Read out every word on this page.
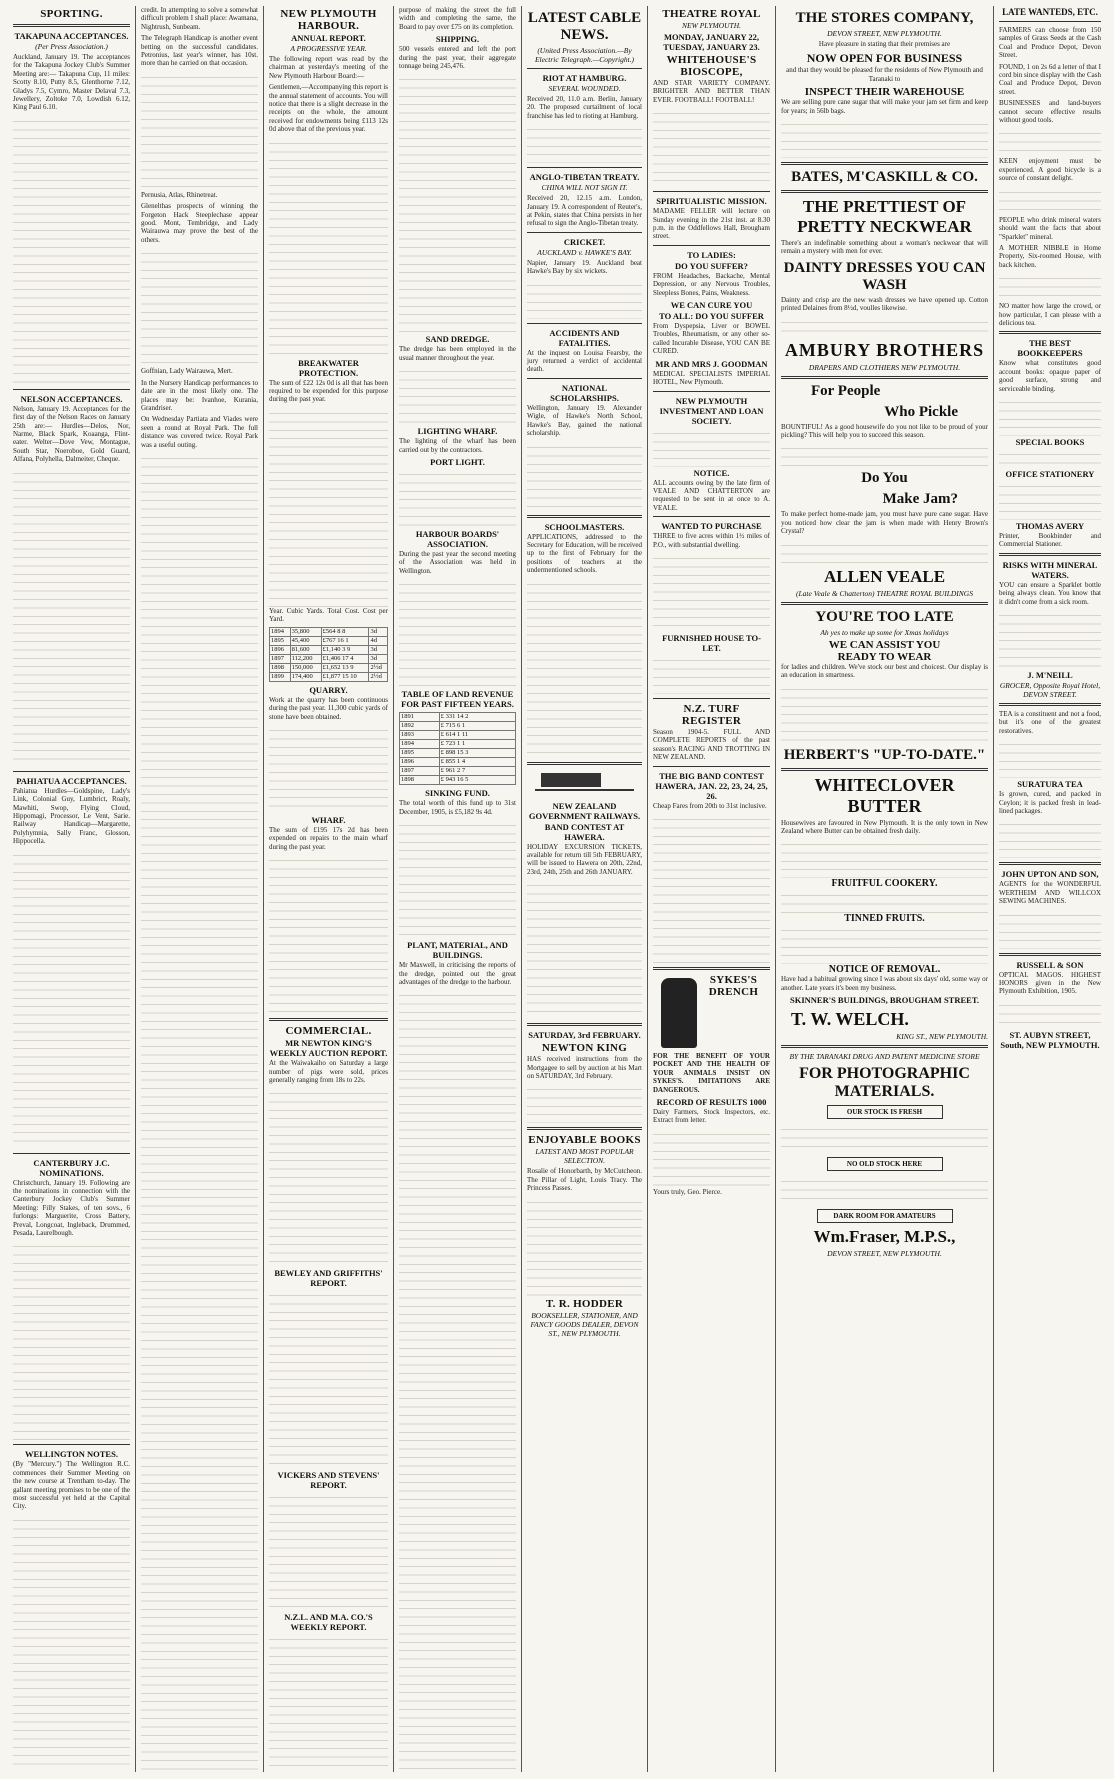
SPORTING.
TAKAPUNA ACCEPTANCES.
(Per Press Association.)
Auckland, January 19. The acceptances for the Takapuna Jockey Club's Summer Meeting are:— Takapuna Cup, 11 miles: Scotty 8.10, Putty 8.5, Glenthorne 7.12, Gladys 7.5, Cymro, Master Delaval 7.3, Jewellery, Zoltoke 7.0, Lowdish 6.12, King Paul 6.10.
NELSON ACCEPTANCES.
Nelson, January 19. Acceptances for the first day of the Nelson Races on January 25th are:— Hurdles—Delos, Nor, Narme, Black Spark, Koaanga, Flint-eater. Welter—Dove Vew, Montague, South Star, Noeroboe, Gold Guard, Alfana, Polyhella, Dalmeiter, Cheque.
PAHIATUA ACCEPTANCES.
Pahiatua Hurdles—Goldspine, Lady's Link, Colonial Guy, Lumbrict, Roaly, Mawhiti, Swop, Flying Cloud, Hippomagi, Processor, Le Vent, Sarie. Railway Handicap—Margarette, Polyhymnia, Sally Franc, Glosson, Hippocella.
CANTERBURY J.C. NOMINATIONS.
Christchurch, January 19. Following are the nominations in connection with the Canterbury Jockey Club's Summer Meeting: Filly Stakes, of ten sovs., 6 furlongs: Marguerite, Cross Battery, Preval, Longcoat, Ingleback, Drummed, Pesada, Laurelbough.
WELLINGTON NOTES.
(By "Mercury.") The Wellington R.C. commences their Summer Meeting on the new course at Trentham to-day. The gallant meeting promises to be one of the most successful yet held at the Capital City.
credit. In attempting to solve a somewhat difficult problem I shall place: Awamana, Nightrush, Sunbeam.
The Telegraph Handicap is another event betting on the successful candidates. Petronius, last year's winner, has 10st. more than he carried on that occasion.
Pernusia, Atlas, Rhinetreat.
Glenelthas prospects of winning the Forgeton Hack Steeplechase appear good. Mont, Tembridge, and Lady Wairauwa may prove the best of the others.
Goffnian, Lady Wairauwa, Mert.
In the Nursery Handicap performances to date are in the most likely one. The places may be: Ivanhoe, Kurania, Grandriser.
On Wednesday Partiata and Viades were seen a round at Royal Park. The full distance was covered twice. Royal Park was a useful outing.
NEW PLYMOUTH HARBOUR.
ANNUAL REPORT.
A PROGRESSIVE YEAR.
The following report was read by the chairman at yesterday's meeting of the New Plymouth Harbour Board:—
Gentlemen,—Accompanying this report is the annual statement of accounts. You will notice that there is a slight decrease in the receipts on the whole, the amount received for endowments being £113 12s 0d above that of the previous year.
BREAKWATER PROTECTION.
The sum of £22 12s 0d is all that has been required to be expended for this purpose during the past year.
Year. Cubic Yards. Total Cost. Cost per Yard.
1894	35,800	£564 8 8	3d
1895	45,400	£767 16 1	4d
1896	81,600	£1,140 3 9	3d
1897	112,200	£1,406 17 4	3d
1898	150,000	£1,652 13 9	2½d
1899	174,400	£1,877 15 10	2½d
QUARRY.
Work at the quarry has been continuous during the past year. 11,300 cubic yards of stone have been obtained.
WHARF.
The sum of £195 17s 2d has been expended on repairs to the main wharf during the past year.
COMMERCIAL.
MR NEWTON KING'S WEEKLY AUCTION REPORT.
At the Waiwakaiho on Saturday a large number of pigs were sold, prices generally ranging from 18s to 22s.
BEWLEY AND GRIFFITHS' REPORT.
VICKERS AND STEVENS' REPORT.
N.Z.L. AND M.A. CO.'S WEEKLY REPORT.
purpose of making the street the full width and completing the same, the Board to pay over £75 on its completion.
SHIPPING.
500 vessels entered and left the port during the past year, their aggregate tonnage being 245,476.
SAND DREDGE.
The dredge has been employed in the usual manner throughout the year.
LIGHTING WHARF.
The lighting of the wharf has been carried out by the contractors.
PORT LIGHT.
HARBOUR BOARDS' ASSOCIATION.
During the past year the second meeting of the Association was held in Wellington.
TABLE OF LAND REVENUE FOR PAST FIFTEEN YEARS.
1891	£ 331 14 2
1892	£ 715 6 1
1893	£ 614 1 11
1894	£ 723 1 1
1895	£ 898 15 3
1896	£ 855 1 4
1897	£ 961 2 7
1898	£ 943 16 5
SINKING FUND.
The total worth of this fund up to 31st December, 1905, is £5,182 9s 4d.
PLANT, MATERIAL, AND BUILDINGS.
Mr Maxwell, in criticising the reports of the dredge, pointed out the great advantages of the dredge to the harbour.
LATEST CABLE NEWS.
(United Press Association.—By Electric Telegraph.—Copyright.)
RIOT AT HAMBURG.
SEVERAL WOUNDED.
Received 20, 11.0 a.m. Berlin, January 20. The proposed curtailment of local franchise has led to rioting at Hamburg.
ANGLO-TIBETAN TREATY.
CHINA WILL NOT SIGN IT.
Received 20, 12.15 a.m. London, January 19. A correspondent of Reuter's, at Pekin, states that China persists in her refusal to sign the Anglo-Tibetan treaty.
CRICKET.
AUCKLAND v. HAWKE'S BAY.
Napier, January 19. Auckland beat Hawke's Bay by six wickets.
ACCIDENTS AND FATALITIES.
At the inquest on Louisa Fearsby, the jury returned a verdict of accidental death.
NATIONAL SCHOLARSHIPS.
Wellington, January 19. Alexander Wigle, of Hawke's North School, Hawke's Bay, gained the national scholarship.
SCHOOLMASTERS.
APPLICATIONS, addressed to the Secretary for Education, will be received up to the first of February for the positions of teachers at the undermentioned schools.
NEW ZEALAND GOVERNMENT RAILWAYS.
BAND CONTEST AT HAWERA.
HOLIDAY EXCURSION TICKETS, available for return till 5th FEBRUARY, will be issued to Hawera on 20th, 22nd, 23rd, 24th, 25th and 26th JANUARY.
SATURDAY, 3rd FEBRUARY.
NEWTON KING
HAS received instructions from the Mortgagee to sell by auction at his Mart on SATURDAY, 3rd February.
ENJOYABLE BOOKS
LATEST AND MOST POPULAR SELECTION.
Rosalie of Honorbarth, by McCutcheon. The Pillar of Light, Louis Tracy. The Princess Passes.
T. R. HODDER
BOOKSELLER, STATIONER, AND FANCY GOODS DEALER, DEVON ST., NEW PLYMOUTH.
THEATRE ROYAL
NEW PLYMOUTH.
MONDAY, JANUARY 22, TUESDAY, JANUARY 23.
WHITEHOUSE'S BIOSCOPE,
AND STAR VARIETY COMPANY. BRIGHTER AND BETTER THAN EVER. FOOTBALL! FOOTBALL!
SPIRITUALISTIC MISSION.
MADAME FELLER will lecture on Sunday evening in the 21st inst. at 8.30 p.m. in the Oddfellows Hall, Brougham street.
TO LADIES:
DO YOU SUFFER?
FROM Headaches, Backache, Mental Depression, or any Nervous Troubles, Sleepless Bones, Pains, Weakness.
WE CAN CURE YOU
TO ALL: DO YOU SUFFER
From Dyspepsia, Liver or BOWEL Troubles, Rheumatism, or any other so-called Incurable Disease, YOU CAN BE CURED.
MR AND MRS J. GOODMAN
MEDICAL SPECIALISTS IMPERIAL HOTEL, New Plymouth.
NEW PLYMOUTH INVESTMENT AND LOAN SOCIETY.
NOTICE.
ALL accounts owing by the late firm of VEALE AND CHATTERTON are requested to be sent in at once to A. VEALE.
WANTED TO PURCHASE
THREE to five acres within 1½ miles of P.O., with substantial dwelling.
FURNISHED HOUSE TO-LET.
N.Z. TURF REGISTER
Season 1904-5. FULL AND COMPLETE REPORTS of the past season's RACING AND TROTTING IN NEW ZEALAND.
THE BIG BAND CONTEST HAWERA, JAN. 22, 23, 24, 25, 26.
Cheap Fares from 20th to 31st inclusive.
SYKES'S DRENCH
FOR THE BENEFIT OF YOUR POCKET AND THE HEALTH OF YOUR ANIMALS INSIST ON SYKES'S. IMITATIONS ARE DANGEROUS.
RECORD OF RESULTS 1000
Dairy Farmers, Stock Inspectors, etc. Extract from letter.
Yours truly, Geo. Pierce.
THE STORES COMPANY,
DEVON STREET, NEW PLYMOUTH.
Have pleasure in stating that their premises are
NOW OPEN FOR BUSINESS
and that they would be pleased for the residents of New Plymouth and Taranaki to
INSPECT THEIR WAREHOUSE
We are selling pure cane sugar that will make your jam set firm and keep for years; in 56lb bags.
BATES, M'CASKILL & CO.
THE PRETTIEST OF PRETTY NECKWEAR
There's an indefinable something about a woman's neckwear that will remain a mystery with men for ever.
DAINTY DRESSES YOU CAN WASH
Dainty and crisp are the new wash dresses we have opened up. Cotton printed Delaines from 8½d, voulles likewise.
AMBURY BROTHERS
DRAPERS AND CLOTHIERS NEW PLYMOUTH.
For People
Who Pickle
BOUNTIFUL! As a good housewife do you not like to be proud of your pickling? This will help you to succeed this season.
Do You
Make Jam?
To make perfect home-made jam, you must have pure cane sugar. Have you noticed how clear the jam is when made with Henry Brown's Crystal?
ALLEN VEALE
(Late Veale & Chatterton) THEATRE ROYAL BUILDINGS
YOU'RE TOO LATE
Ah yes to make up some for Xmas holidays
WE CAN ASSIST YOU
READY TO WEAR
for ladies and children. We've stock our best and choicest. Our display is an education in smartness.
HERBERT'S "UP-TO-DATE."
WHITECLOVER BUTTER
Housewives are favoured in New Plymouth. It is the only town in New Zealand where Butter can be obtained fresh daily.
FRUITFUL COOKERY.
TINNED FRUITS.
NOTICE OF REMOVAL.
Have had a habitual growing since I was about six days' old, some way or another. Late years it's been my business.
SKINNER'S BUILDINGS, BROUGHAM STREET.
T. W. WELCH.
KING ST., NEW PLYMOUTH.
BY THE TARANAKI DRUG AND PATENT MEDICINE STORE
FOR PHOTOGRAPHIC MATERIALS.
OUR STOCK IS FRESH
NO OLD STOCK HERE
DARK ROOM FOR AMATEURS
Wm.Fraser, M.P.S.,
DEVON STREET, NEW PLYMOUTH.
LATE WANTEDS, ETC.
FARMERS can choose from 150 samples of Grass Seeds at the Cash Coal and Produce Depot, Devon Street.
FOUND, 1 on 2s 6d a letter of that I cord bin since display with the Cash Coal and Produce Depot, Devon street.
BUSINESSES and land-buyers cannot secure effective results without good tools.
KEEN enjoyment must be experienced. A good bicycle is a source of constant delight.
PEOPLE who drink mineral waters should want the facts that about "Sparklet" mineral.
A MOTHER NIBBLE in Home Property, Six-roomed House, with back kitchen.
NO matter how large the crowd, or how particular, I can please with a delicious tea.
THE BEST BOOKKEEPERS
Know what constitutes good account books: opaque paper of good surface, strong and serviceable binding.
SPECIAL BOOKS
OFFICE STATIONERY
THOMAS AVERY
Printer, Bookbinder and Commercial Stationer.
RISKS WITH MINERAL WATERS.
YOU can ensure a Sparklet bottle being always clean. You know that it didn't come from a sick room.
J. M'NEILL
GROCER, Opposite Royal Hotel, DEVON STREET.
TEA is a constituent and not a food, but it's one of the greatest restoratives.
SURATURA TEA
Is grown, cured, and packed in Ceylon; it is packed fresh in lead-lined packages.
JOHN UPTON AND SON,
AGENTS for the WONDERFUL WERTHEIM AND WILLCOX SEWING MACHINES.
RUSSELL & SON
OPTICAL MAGOS. HIGHEST HONORS given in the New Plymouth Exhibition, 1905.
ST. AUBYN STREET, South, NEW PLYMOUTH.
